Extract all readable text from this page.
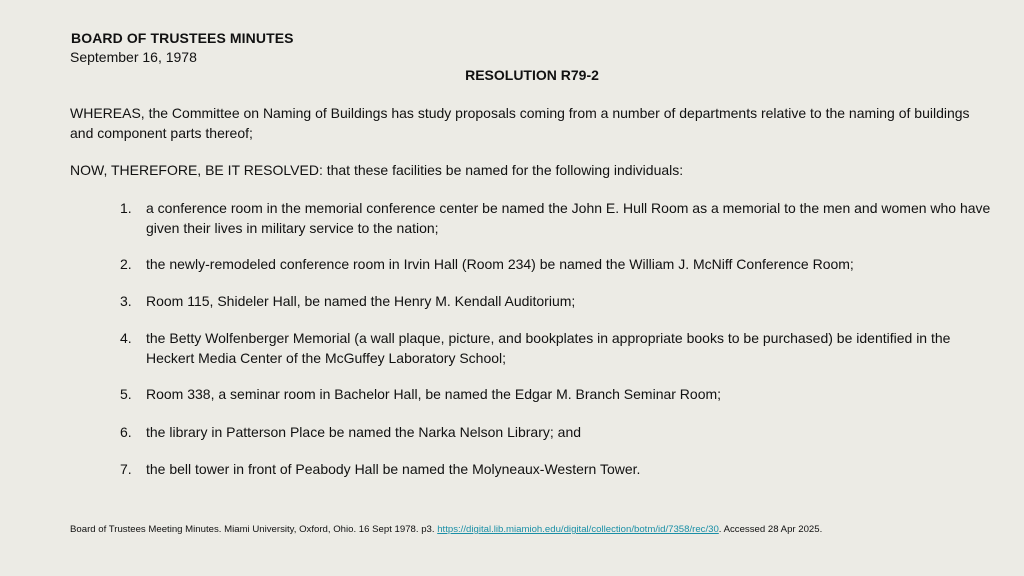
BOARD OF TRUSTEES MINUTES
September 16, 1978
RESOLUTION R79-2
WHEREAS, the Committee on Naming of Buildings has study proposals coming from a number of departments relative to the naming of buildings and component parts thereof;
NOW, THEREFORE, BE IT RESOLVED: that these facilities be named for the following individuals:
1.	a conference room in the memorial conference center be named the John E. Hull Room as a memorial to the men and women who have given their lives in military service to the nation;
2.	the newly-remodeled conference room in Irvin Hall (Room 234) be named the William J. McNiff Conference Room;
3.	Room 115, Shideler Hall, be named the Henry M. Kendall Auditorium;
4.	the Betty Wolfenberger Memorial (a wall plaque, picture, and bookplates in appropriate books to be purchased) be identified in the Heckert Media Center of the McGuffey Laboratory School;
5.	Room 338, a seminar room in Bachelor Hall, be named the Edgar M. Branch Seminar Room;
6.	the library in Patterson Place be named the Narka Nelson Library; and
7.	the bell tower in front of Peabody Hall be named the Molyneaux-Western Tower.
Board of Trustees Meeting Minutes. Miami University, Oxford, Ohio. 16 Sept 1978. p3. https://digital.lib.miamioh.edu/digital/collection/botm/id/7358/rec/30. Accessed 28 Apr 2025.
